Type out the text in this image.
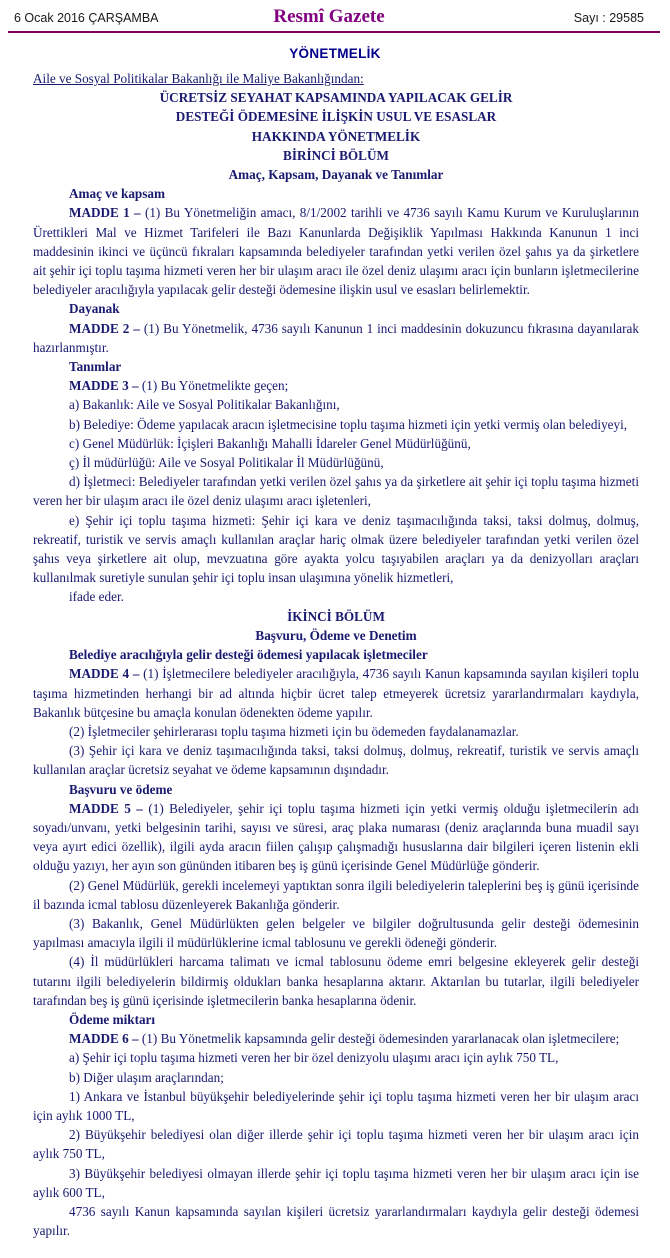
6 Ocak 2016 ÇARŞAMBA	Resmî Gazete	Sayı : 29585
YÖNETMELİK

Aile ve Sosyal Politikalar Bakanlığı ile Maliye Bakanlığından:

ÜCRETSİZ SEYAHAT KAPSAMINDA YAPILACAK GELİR

DESTEĞİ ÖDEMESİNE İLİŞKİN USUL VE ESASLAR

HAKKINDA YÖNETMELİK

BİRİNCİ BÖLÜM

Amaç, Kapsam, Dayanak ve Tanımlar

Amaç ve kapsam

MADDE 1 – (1) Bu Yönetmeliğin amacı, 8/1/2002 tarihli ve 4736 sayılı Kamu Kurum ve Kuruluşlarının Ürettikleri Mal ve Hizmet Tarifeleri ile Bazı Kanunlarda Değişiklik Yapılması Hakkında Kanunun 1 inci maddesinin ikinci ve üçüncü fıkraları kapsamında belediyeler tarafından yetki verilen özel şahıs ya da şirketlere ait şehir içi toplu taşıma hizmeti veren her bir ulaşım aracı ile özel deniz ulaşımı aracı için bunların işletmecilerine belediyeler aracılığıyla yapılacak gelir desteği ödemesine ilişkin usul ve esasları belirlemektir.

Dayanak

MADDE 2 – (1) Bu Yönetmelik, 4736 sayılı Kanunun 1 inci maddesinin dokuzuncu fıkrasına dayanılarak hazırlanmıştır.

Tanımlar

MADDE 3 – (1) Bu Yönetmelikte geçen;

a) Bakanlık: Aile ve Sosyal Politikalar Bakanlığını,

b) Belediye: Ödeme yapılacak aracın işletmecisine toplu taşıma hizmeti için yetki vermiş olan belediyeyi,

c) Genel Müdürlük: İçişleri Bakanlığı Mahalli İdareler Genel Müdürlüğünü,

ç) İl müdürlüğü: Aile ve Sosyal Politikalar İl Müdürlüğünü,

d) İşletmeci: Belediyeler tarafından yetki verilen özel şahıs ya da şirketlere ait şehir içi toplu taşıma hizmeti veren her bir ulaşım aracı ile özel deniz ulaşımı aracı işletenleri,

e) Şehir içi toplu taşıma hizmeti: Şehir içi kara ve deniz taşımacılığında taksi, taksi dolmuş, dolmuş, rekreatif, turistik ve servis amaçlı kullanılan araçlar hariç olmak üzere belediyeler tarafından yetki verilen özel şahıs veya şirketlere ait olup, mevzuatına göre ayakta yolcu taşıyabilen araçları ya da denizyolları araçları kullanılmak suretiyle sunulan şehir içi toplu insan ulaşımına yönelik hizmetleri,

ifade eder.

İKİNCİ BÖLÜM

Başvuru, Ödeme ve Denetim

Belediye aracılığıyla gelir desteği ödemesi yapılacak işletmeciler

MADDE 4 – (1) İşletmecilere belediyeler aracılığıyla, 4736 sayılı Kanun kapsamında sayılan kişileri toplu taşıma hizmetinden herhangi bir ad altında hiçbir ücret talep etmeyerek ücretsiz yararlandırmaları kaydıyla, Bakanlık bütçesine bu amaçla konulan ödenekten ödeme yapılır.

(2) İşletmeciler şehirlerarası toplu taşıma hizmeti için bu ödemeden faydalanamazlar.

(3) Şehir içi kara ve deniz taşımacılığında taksi, taksi dolmuş, dolmuş, rekreatif, turistik ve servis amaçlı kullanılan araçlar ücretsiz seyahat ve ödeme kapsamının dışındadır.

Başvuru ve ödeme

MADDE 5 – (1) Belediyeler, şehir içi toplu taşıma hizmeti için yetki vermiş olduğu işletmecilerin adı soyadı/unvanı, yetki belgesinin tarihi, sayısı ve süresi, araç plaka numarası (deniz araçlarında buna muadil sayı veya ayırt edici özellik), ilgili ayda aracın fiilen çalışıp çalışmadığı hususlarına dair bilgileri içeren listenin ekli olduğu yazıyı, her ayın son gününden itibaren beş iş günü içerisinde Genel Müdürlüğe gönderir.

(2) Genel Müdürlük, gerekli incelemeyi yaptıktan sonra ilgili belediyelerin taleplerini beş iş günü içerisinde il bazında icmal tablosu düzenleyerek Bakanlığa gönderir.

(3) Bakanlık, Genel Müdürlükten gelen belgeler ve bilgiler doğrultusunda gelir desteği ödemesinin yapılması amacıyla ilgili il müdürlüklerine icmal tablosunu ve gerekli ödeneği gönderir.

(4) İl müdürlükleri harcama talimatı ve icmal tablosunu ödeme emri belgesine ekleyerek gelir desteği tutarını ilgili belediyelerin bildirmiş oldukları banka hesaplarına aktarır. Aktarılan bu tutarlar, ilgili belediyeler tarafından beş iş günü içerisinde işletmecilerin banka hesaplarına ödenir.

Ödeme miktarı

MADDE 6 – (1) Bu Yönetmelik kapsamında gelir desteği ödemesinden yararlanacak olan işletmecilere;

a) Şehir içi toplu taşıma hizmeti veren her bir özel denizyolu ulaşımı aracı için aylık 750 TL,

b) Diğer ulaşım araçlarından;

1) Ankara ve İstanbul büyükşehir belediyelerinde şehir içi toplu taşıma hizmeti veren her bir ulaşım aracı için aylık 1000 TL,

2) Büyükşehir belediyesi olan diğer illerde şehir içi toplu taşıma hizmeti veren her bir ulaşım aracı için aylık 750 TL,

3) Büyükşehir belediyesi olmayan illerde şehir içi toplu taşıma hizmeti veren her bir ulaşım aracı için ise aylık 600 TL,

4736 sayılı Kanun kapsamında sayılan kişileri ücretsiz yararlandırmaları kaydıyla gelir desteği ödemesi yapılır.
